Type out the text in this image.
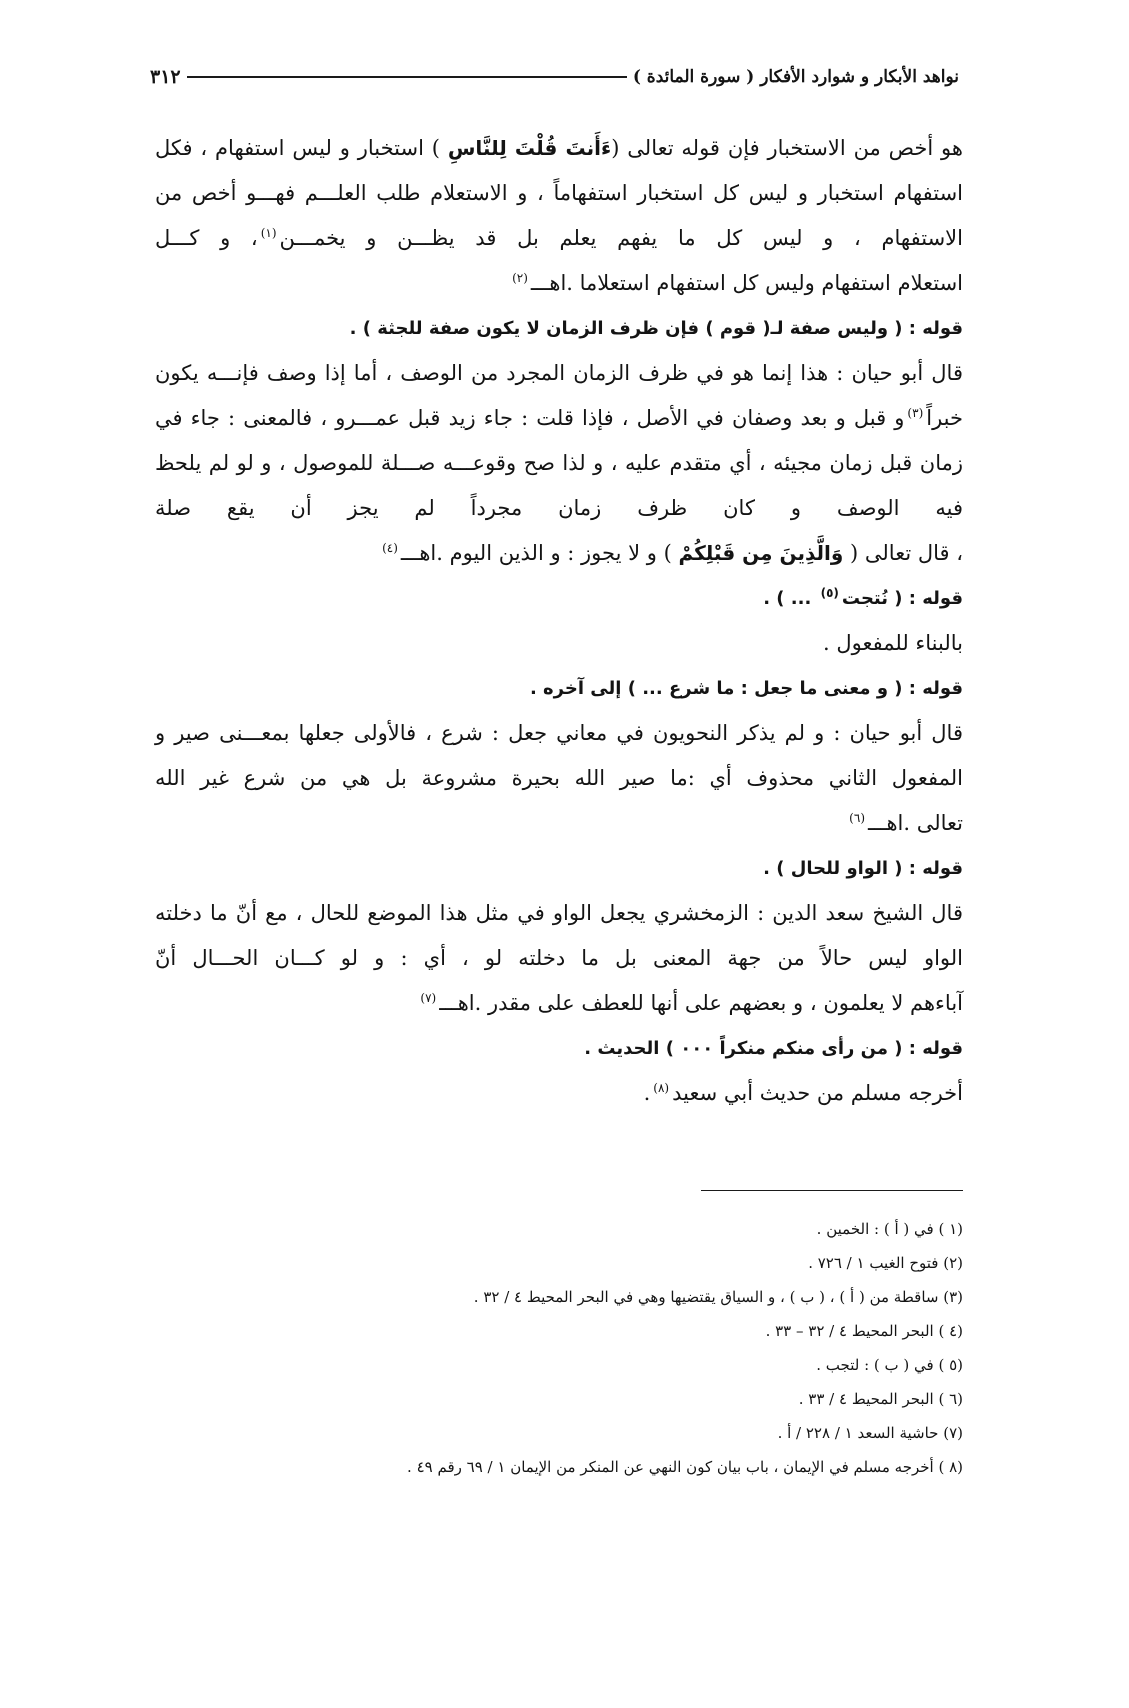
نواهد الأبكار و شوارد الأفكار ( سورة المائدة )
٣١٢

هو أخص من الاستخبار فإن قوله تعالى (ءَأَنتَ قُلْتَ لِلنَّاسِ ) استخبار و ليس استفهام ، فكل استفهام استخبار و ليس كل استخبار استفهاماً ، و الاستعلام طلب العلـــم فهـــو أخص من الاستفهام ، و ليس كل ما يفهم يعلم بل قد يظـــن و يخمـــن$^{(١)}$، و كـــل

استعلام استفهام وليس كل استفهام استعلاما .اهـــ$^{(٢)}$

قوله : ( وليس صفة لـ( قوم ) فإن ظرف الزمان لا يكون صفة للجثة ) .

قال أبو حيان : هذا إنما هو في ظرف الزمان المجرد من الوصف ، أما إذا وصف فإنـــه يكون خبراً$^{(٣)}$و قبل و بعد وصفان في الأصل ، فإذا قلت : جاء زيد قبل عمـــرو ، فالمعنى : جاء في زمان قبل زمان مجيئه ، أي متقدم عليه ، و لذا صح وقوعـــه صـــلة للموصول ، و لو لم يلحظ فيه الوصف و كان ظرف زمان مجرداً لم يجز أن يقع صلة

، قال تعالى ( وَالَّذِينَ مِن قَبْلِكُمْ ) و لا يجوز : و الذين اليوم .اهـــ$^{(٤)}$

قوله : ( نُتجت$^{(٥)}$ ... ) .

بالبناء للمفعول .

قوله : ( و معنى ما جعل : ما شرع ... ) إلى آخره .

قال أبو حيان : و لم يذكر النحويون في معاني جعل : شرع ، فالأولى جعلها بمعـــنى صير و المفعول الثاني محذوف أي :ما صير الله بحيرة مشروعة بل هي من شرع غير الله

تعالى .اهـــ$^{(٦)}$

قوله : ( الواو للحال ) .

قال الشيخ سعد الدين : الزمخشري يجعل الواو في مثل هذا الموضع للحال ، مع أنّ ما دخلته الواو ليس حالاً من جهة المعنى بل ما دخلته لو ، أي : و لو كـــان الحـــال أنّ

آباءهم لا يعلمون ، و بعضهم على أنها للعطف على مقدر .اهـــ$^{(٧)}$

قوله : ( من رأى منكم منكراً ٠٠٠ ) الحديث .

أخرجه مسلم من حديث أبي سعيد$^{(٨)}$.

(١ ) في ( أ ) : الخمين .

(٢) فتوح الغيب ١ / ٧٢٦ .

(٣) ساقطة من ( أ ) ، ( ب ) ، و السياق يقتضيها وهي في البحر المحيط ٤ / ٣٢ .

(٤ ) البحر المحيط ٤ / ٣٢ – ٣٣ .

(٥ ) في ( ب ) : لتجب .

(٦ ) البحر المحيط ٤ / ٣٣ .

(٧) حاشية السعد ١ / ٢٢٨ / أ .

(٨ ) أخرجه مسلم في الإيمان ، باب بيان كون النهي عن المنكر من الإيمان ١ / ٦٩ رقم ٤٩ .
